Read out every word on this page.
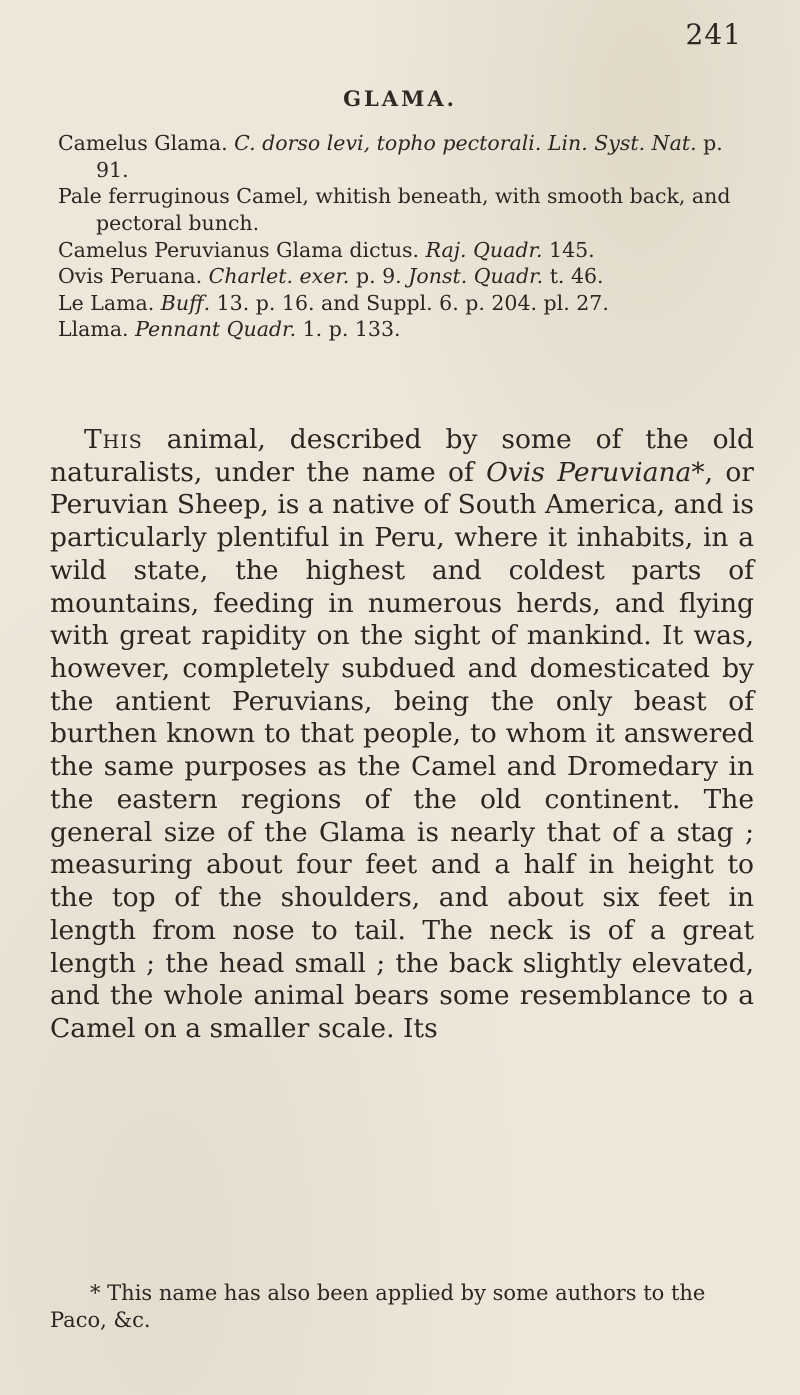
241
GLAMA.

Camelus Glama. C. dorso levi, topho pectorali. Lin. Syst. Nat. p. 91.

Pale ferruginous Camel, whitish beneath, with smooth back, and pectoral bunch.

Camelus Peruvianus Glama dictus. Raj. Quadr. 145.

Ovis Peruana. Charlet. exer. p. 9. Jonst. Quadr. t. 46.

Le Lama. Buff. 13. p. 16. and Suppl. 6. p. 204. pl. 27.

Llama. Pennant Quadr. 1. p. 133.

This animal, described by some of the old naturalists, under the name of Ovis Peruviana*, or Peruvian Sheep, is a native of South America, and is particularly plentiful in Peru, where it inhabits, in a wild state, the highest and coldest parts of mountains, feeding in numerous herds, and flying with great rapidity on the sight of mankind. It was, however, completely subdued and domesticated by the antient Peruvians, being the only beast of burthen known to that people, to whom it answered the same purposes as the Camel and Dromedary in the eastern regions of the old continent. The general size of the Glama is nearly that of a stag ; measuring about four feet and a half in height to the top of the shoulders, and about six feet in length from nose to tail. The neck is of a great length ; the head small ; the back slightly elevated, and the whole animal bears some resemblance to a Camel on a smaller scale. Its

* This name has also been applied by some authors to the Paco, &c.
